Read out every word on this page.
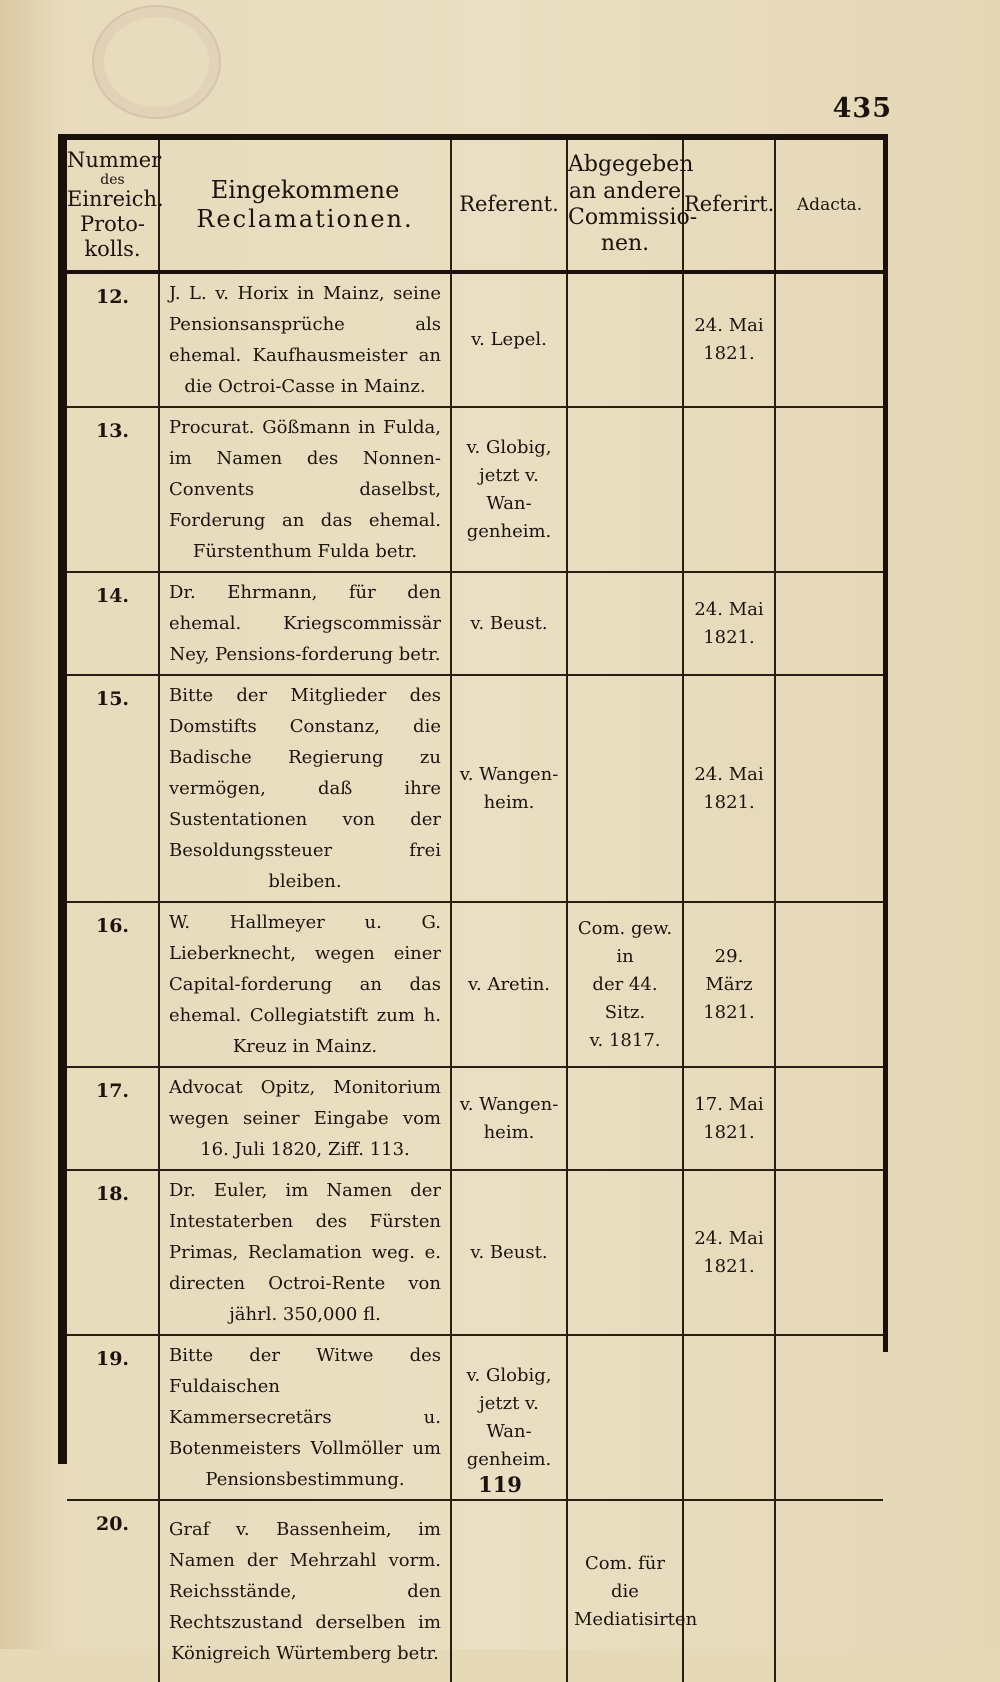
435
Nummer

des
Einreich.
Proto-
kolls.	Eingekommene
Reclamationen.	Referent.	Abgegeben
an andere
Commissio-
nen.	Referirt.	Adacta.
12.	J. L. v. Horix in Mainz, seine Pensionsansprüche als ehemal. Kaufhausmeister an die Octroi-Casse in Mainz.	v. Lepel.		24. Mai
1821.	
13.	Procurat. Gößmann in Fulda, im Namen des Nonnen-Convents daselbst, Forderung an das ehemal. Fürstenthum Fulda betr.	v. Globig,
jetzt v. Wan-
genheim.			
14.	Dr. Ehrmann, für den ehemal. Kriegscommissär Ney, Pensions-forderung betr.	v. Beust.		24. Mai
1821.	
15.	Bitte der Mitglieder des Domstifts Constanz, die Badische Regierung zu vermögen, daß ihre Sustentationen von der Besoldungssteuer frei bleiben.	v. Wangen-
heim.		24. Mai
1821.	
16.	W. Hallmeyer u. G. Lieberknecht, wegen einer Capital-forderung an das ehemal. Collegiatstift zum h. Kreuz in Mainz.	v. Aretin.	Com. gew. in
der 44. Sitz.
v. 1817.	29. März
1821.	
17.	Advocat Opitz, Monitorium wegen seiner Eingabe vom 16. Juli 1820, Ziff. 113.	v. Wangen-
heim.		17. Mai
1821.	
18.	Dr. Euler, im Namen der Intestaterben des Fürsten Primas, Reclamation weg. e. directen Octroi-Rente von jährl. 350,000 fl.	v. Beust.		24. Mai
1821.	
19.	Bitte der Witwe des Fuldaischen Kammersecretärs u. Botenmeisters Vollmöller um Pensionsbestimmung.	v. Globig,
jetzt v. Wan-
genheim.			
20.	Graf v. Bassenheim, im Namen der Mehrzahl vorm. Reichsstände, den Rechtszustand derselben im Königreich Würtemberg betr.		Com. für die
Mediatisirten		
119
